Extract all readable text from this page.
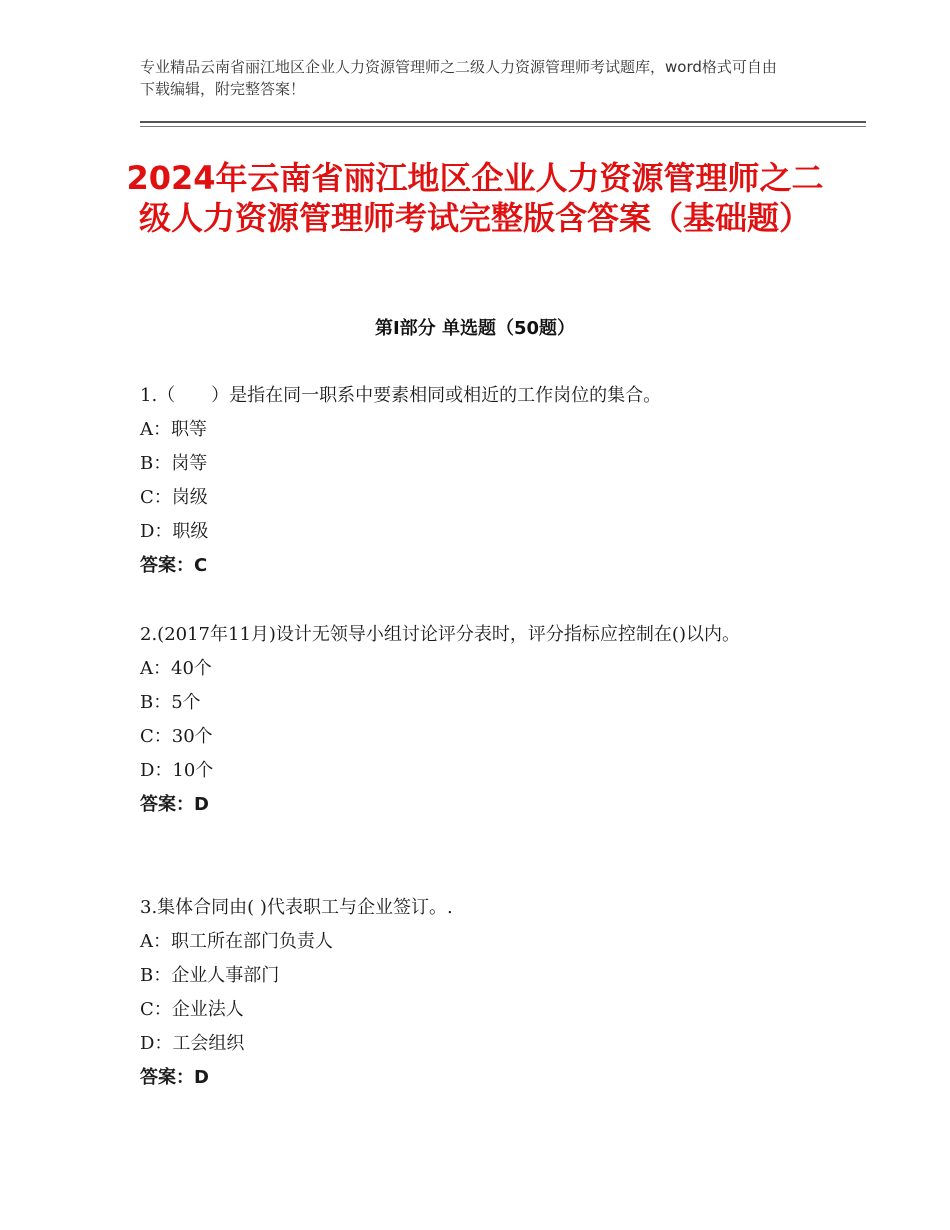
专业精品云南省丽江地区企业人力资源管理师之二级人力资源管理师考试题库，word格式可自由下载编辑，附完整答案！
2024年云南省丽江地区企业人力资源管理师之二级人力资源管理师考试完整版含答案（基础题）
第Ⅰ部分 单选题（50题）

1.（　　）是指在同一职系中要素相同或相近的工作岗位的集合。

A：职等

B：岗等

C：岗级

D：职级

答案：C

2.(2017年11月)设计无领导小组讨论评分表时，评分指标应控制在()以内。

A：40个

B：5个

C：30个

D：10个

答案：D

3.集体合同由( )代表职工与企业签订。.

A：职工所在部门负责人

B：企业人事部门

C：企业法人

D：工会组织

答案：D
